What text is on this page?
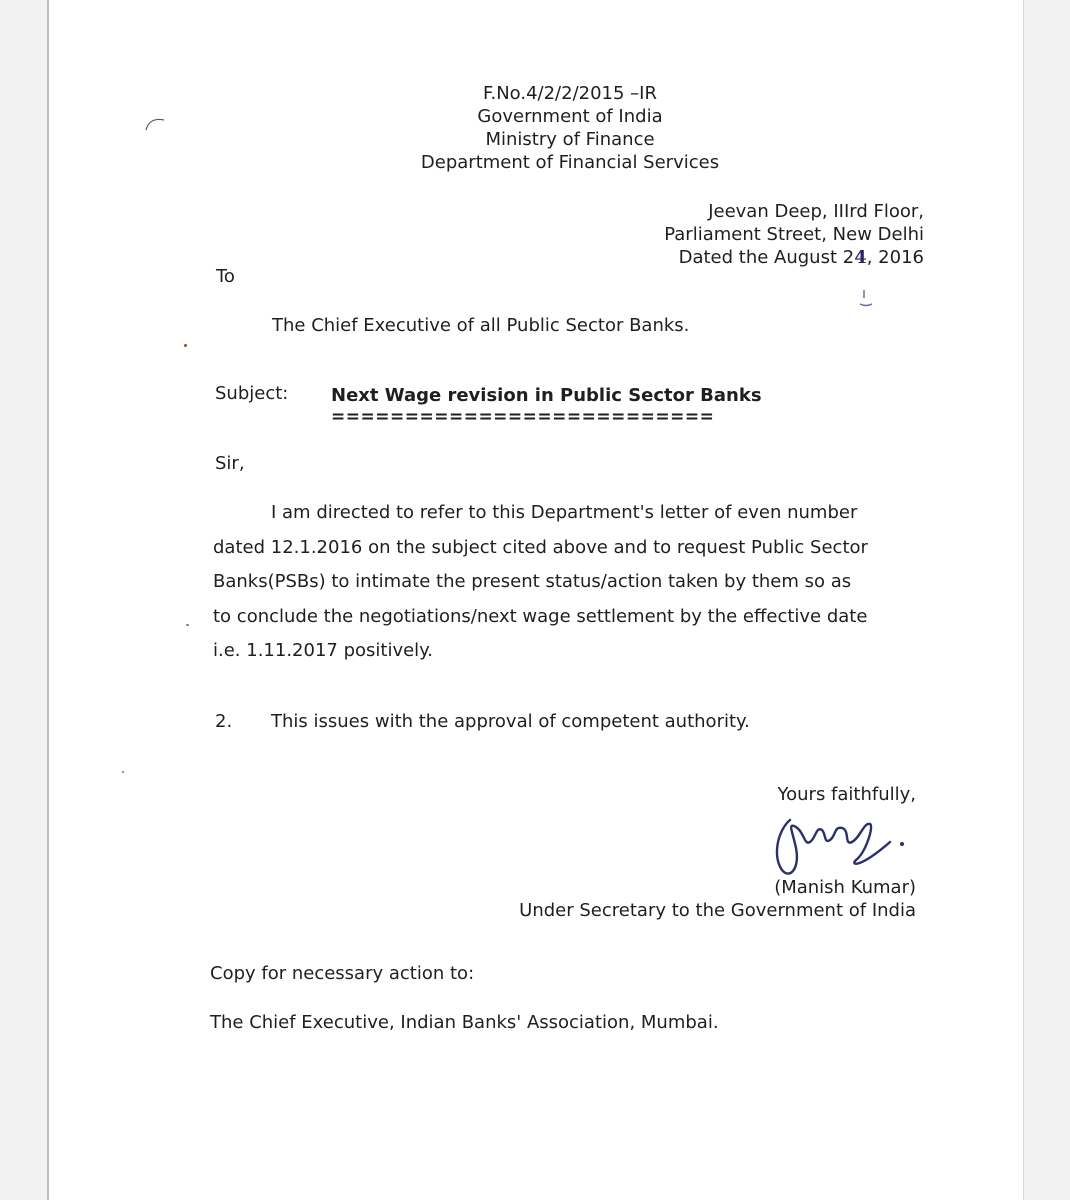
F.No.4/2/2/2015 –IR
Government of India
Ministry of Finance
Department of Financial Services
Jeevan Deep, IIIrd Floor,
Parliament Street, New Delhi
Dated the August 24, 2016
To
The Chief Executive of all Public Sector Banks.
Subject: Next Wage revision in Public Sector Banks
==========================
Sir,
I am directed to refer to this Department's letter of even number
dated 12.1.2016 on the subject cited above and to request Public Sector
Banks(PSBs) to intimate the present status/action taken by them so as
to conclude the negotiations/next wage settlement by the effective date
i.e. 1.11.2017 positively.
2. This issues with the approval of competent authority.
Yours faithfully,
(Manish Kumar)
Under Secretary to the Government of India
Copy for necessary action to:
The Chief Executive, Indian Banks' Association, Mumbai.
